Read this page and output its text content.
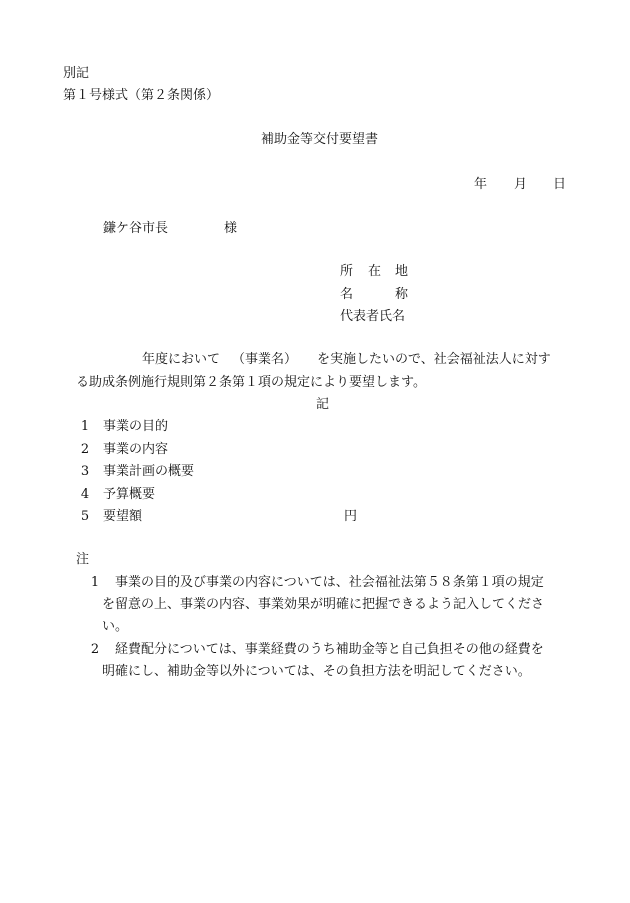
別記
第１号様式（第２条関係）
補助金等交付要望書
年 月 日
鎌ケ谷市長	様
所 在 地
名	称
代表者氏名
年度において （事業名） を実施したいので、社会福祉法人に対す
る助成条例施行規則第２条第１項の規定により要望します。
記
1 事業の目的
2 事業の内容
3 事業計画の概要
4 予算概要
5 要望額	円
注
1 事業の目的及び事業の内容については、社会福祉法第５８条第１項の規定
を留意の上、事業の内容、事業効果が明確に把握できるよう記入してくださ
い。
2 経費配分については、事業経費のうち補助金等と自己負担その他の経費を
明確にし、補助金等以外については、その負担方法を明記してください。
